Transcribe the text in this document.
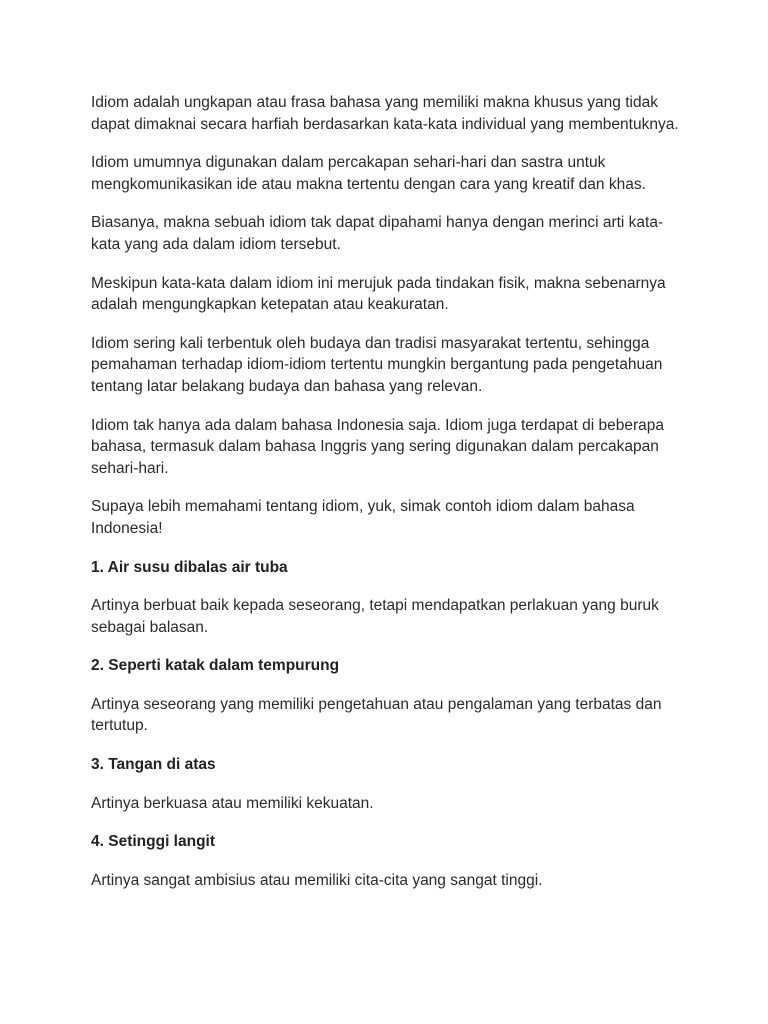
Idiom adalah ungkapan atau frasa bahasa yang memiliki makna khusus yang tidak dapat dimaknai secara harfiah berdasarkan kata-kata individual yang membentuknya.

Idiom umumnya digunakan dalam percakapan sehari-hari dan sastra untuk mengkomunikasikan ide atau makna tertentu dengan cara yang kreatif dan khas.

Biasanya, makna sebuah idiom tak dapat dipahami hanya dengan merinci arti kata-kata yang ada dalam idiom tersebut.

Meskipun kata-kata dalam idiom ini merujuk pada tindakan fisik, makna sebenarnya adalah mengungkapkan ketepatan atau keakuratan.

Idiom sering kali terbentuk oleh budaya dan tradisi masyarakat tertentu, sehingga pemahaman terhadap idiom-idiom tertentu mungkin bergantung pada pengetahuan tentang latar belakang budaya dan bahasa yang relevan.

Idiom tak hanya ada dalam bahasa Indonesia saja. Idiom juga terdapat di beberapa bahasa, termasuk dalam bahasa Inggris yang sering digunakan dalam percakapan sehari-hari.

Supaya lebih memahami tentang idiom, yuk, simak contoh idiom dalam bahasa Indonesia!

1. Air susu dibalas air tuba

Artinya berbuat baik kepada seseorang, tetapi mendapatkan perlakuan yang buruk sebagai balasan.

2. Seperti katak dalam tempurung

Artinya seseorang yang memiliki pengetahuan atau pengalaman yang terbatas dan tertutup.

3. Tangan di atas

Artinya berkuasa atau memiliki kekuatan.

4. Setinggi langit

Artinya sangat ambisius atau memiliki cita-cita yang sangat tinggi.
